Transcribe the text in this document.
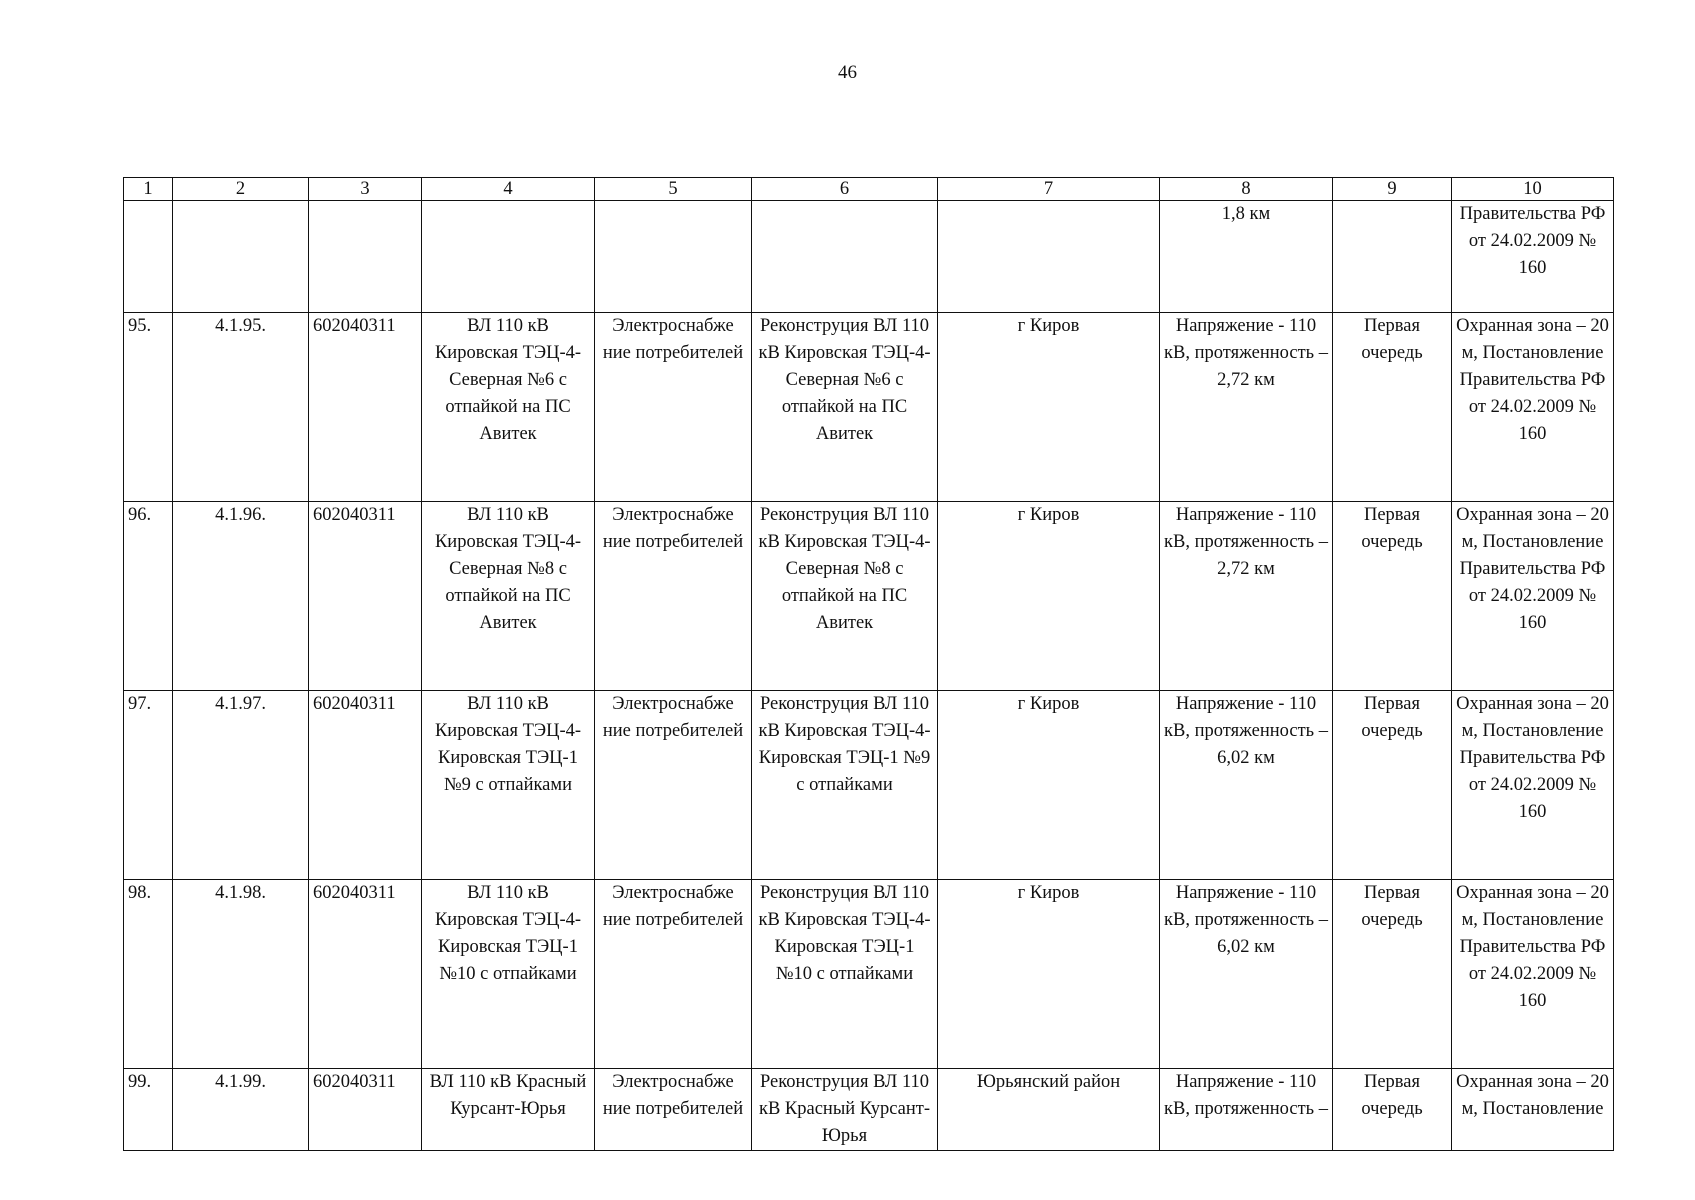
46
1	2	3	4	5	6	7	8	9	10
							1,8 км		Правительства РФ от 24.02.2009 № 160
95.	4.1.95.	602040311	ВЛ 110 кВ Кировская ТЭЦ-4-Северная №6 с отпайкой на ПС Авитек	Электроснабже ние потребителей	Реконструция ВЛ 110 кВ Кировская ТЭЦ-4-Северная №6 с отпайкой на ПС Авитек	г Киров	Напряжение - 110 кВ, протяженность – 2,72 км	Первая очередь	Охранная зона – 20 м, Постановление Правительства РФ от 24.02.2009 № 160
96.	4.1.96.	602040311	ВЛ 110 кВ Кировская ТЭЦ-4-Северная №8 с отпайкой на ПС Авитек	Электроснабже ние потребителей	Реконструция ВЛ 110 кВ Кировская ТЭЦ-4-Северная №8 с отпайкой на ПС Авитек	г Киров	Напряжение - 110 кВ, протяженность – 2,72 км	Первая очередь	Охранная зона – 20 м, Постановление Правительства РФ от 24.02.2009 № 160
97.	4.1.97.	602040311	ВЛ 110 кВ Кировская ТЭЦ-4-Кировская ТЭЦ-1 №9 с отпайками	Электроснабже ние потребителей	Реконструция ВЛ 110 кВ Кировская ТЭЦ-4-Кировская ТЭЦ-1 №9 с отпайками	г Киров	Напряжение - 110 кВ, протяженность – 6,02 км	Первая очередь	Охранная зона – 20 м, Постановление Правительства РФ от 24.02.2009 № 160
98.	4.1.98.	602040311	ВЛ 110 кВ Кировская ТЭЦ-4-Кировская ТЭЦ-1 №10 с отпайками	Электроснабже ние потребителей	Реконструция ВЛ 110 кВ Кировская ТЭЦ-4-Кировская ТЭЦ-1 №10 с отпайками	г Киров	Напряжение - 110 кВ, протяженность – 6,02 км	Первая очередь	Охранная зона – 20 м, Постановление Правительства РФ от 24.02.2009 № 160
99.	4.1.99.	602040311	ВЛ 110 кВ Красный Курсант-Юрья	Электроснабже ние потребителей	Реконструция ВЛ 110 кВ Красный Курсант-Юрья	Юрьянский район	Напряжение - 110 кВ, протяженность –	Первая очередь	Охранная зона – 20 м, Постановление
